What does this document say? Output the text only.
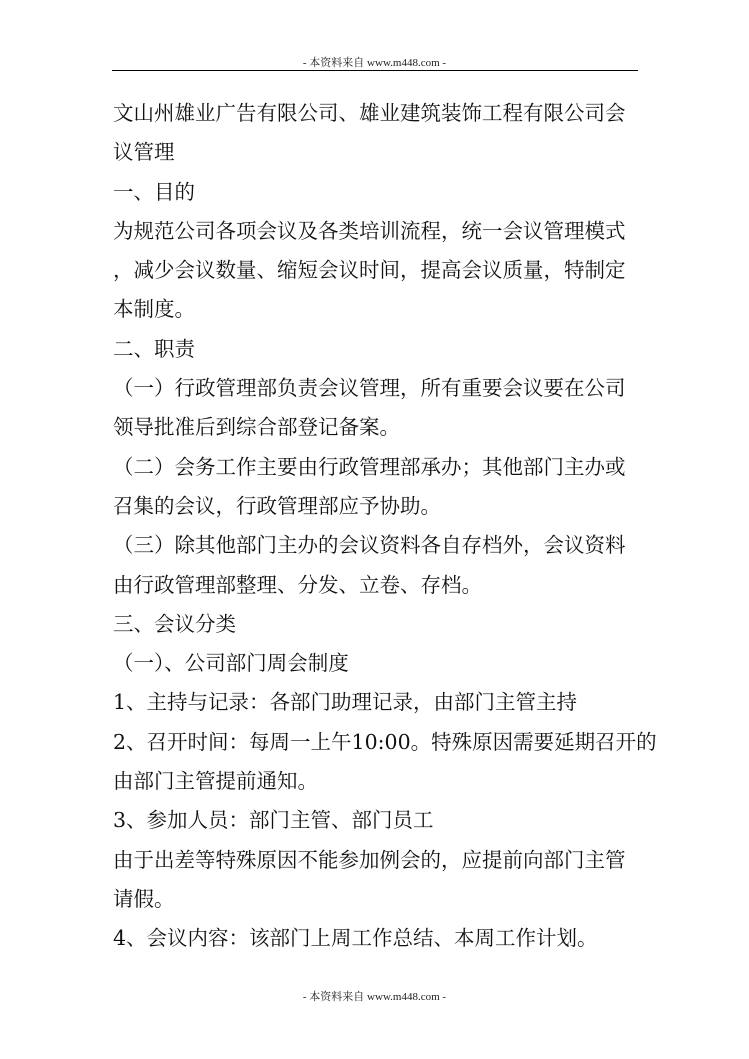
- 本资料来自 www.m448.com -
文山州雄业广告有限公司、雄业建筑装饰工程有限公司会
议管理
一、目的
为规范公司各项会议及各类培训流程，统一会议管理模式
，减少会议数量、缩短会议时间，提高会议质量，特制定
本制度。
二、职责
（一）行政管理部负责会议管理，所有重要会议要在公司
领导批准后到综合部登记备案。
（二）会务工作主要由行政管理部承办；其他部门主办或
召集的会议，行政管理部应予协助。
（三）除其他部门主办的会议资料各自存档外，会议资料
由行政管理部整理、分发、立卷、存档。
三、会议分类
（一）、公司部门周会制度
1、主持与记录：各部门助理记录，由部门主管主持
2、召开时间：每周一上午10:00。特殊原因需要延期召开的
由部门主管提前通知。
3、参加人员：部门主管、部门员工
由于出差等特殊原因不能参加例会的，应提前向部门主管
请假。
4、会议内容：该部门上周工作总结、本周工作计划。
- 本资料来自 www.m448.com -
